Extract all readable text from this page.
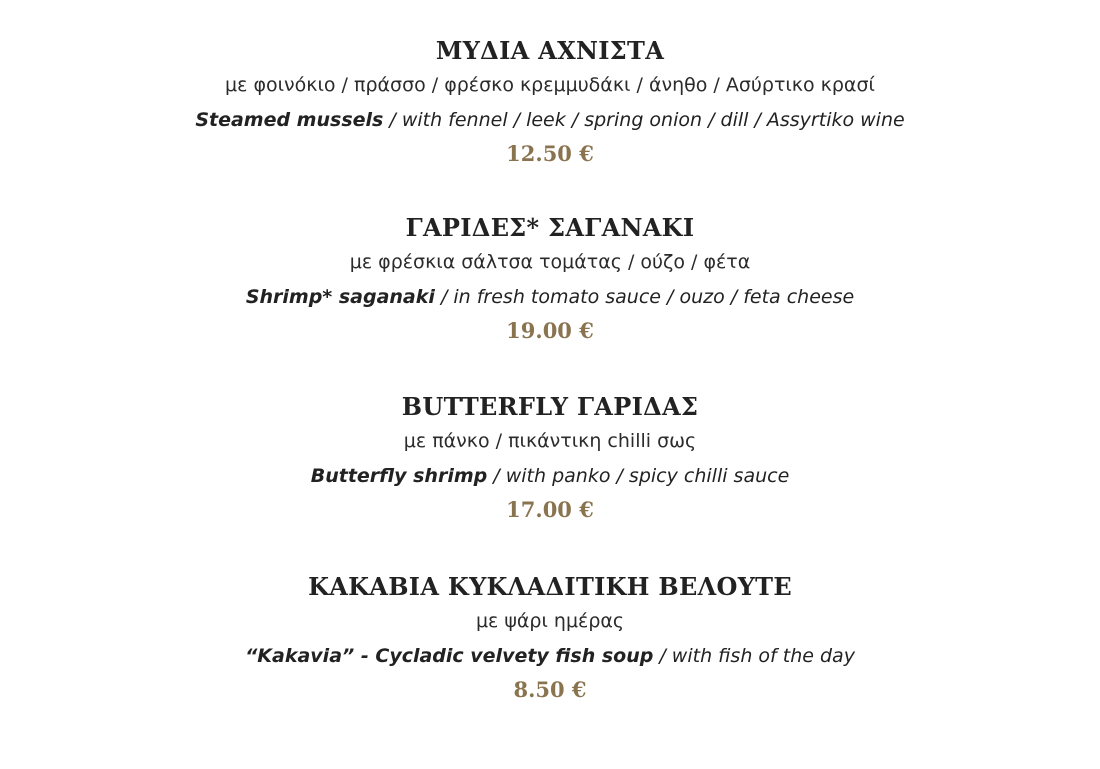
ΜΥΔΙΑ ΑΧΝΙΣΤΑ
με φοινόκιο / πράσσο / φρέσκο κρεμμυδάκι / άνηθο / Ασύρτικο κρασί
Steamed mussels / with fennel / leek / spring onion / dill / Assyrtiko wine
12.50 €
ΓΑΡΙΔΕΣ* ΣΑΓΑΝΑΚΙ
με φρέσκια σάλτσα τομάτας / ούζο / φέτα
Shrimp* saganaki / in fresh tomato sauce / ouzo / feta cheese
19.00 €
BUTTERFLY ΓΑΡΙΔΑΣ
με πάνκο / πικάντικη chilli σως
Butterfly shrimp / with panko / spicy chilli sauce
17.00 €
ΚΑΚΑΒΙΑ ΚΥΚΛΑΔΙΤΙΚΗ ΒΕΛΟΥΤΕ
με ψάρι ημέρας
“Kakavia” - Cycladic velvety fish soup / with fish of the day
8.50 €
